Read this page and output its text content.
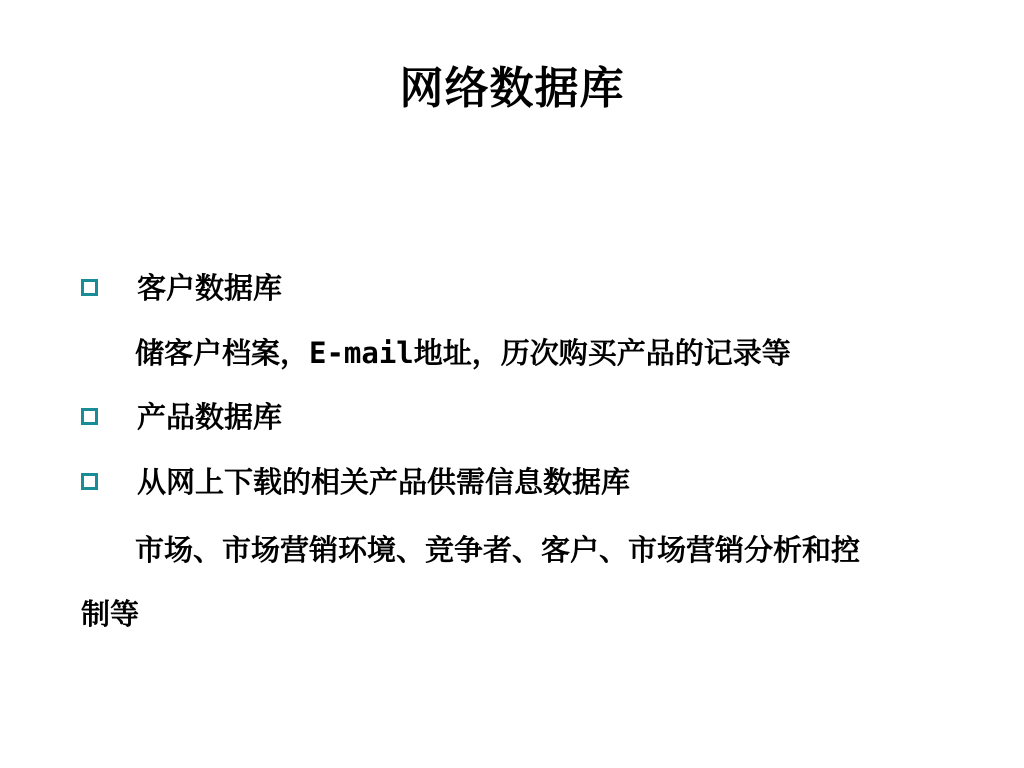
网络数据库
客户数据库
储客户档案，E-mail地址，历次购买产品的记录等
产品数据库
从网上下载的相关产品供需信息数据库
市场、市场营销环境、竞争者、客户、市场营销分析和控
制等
